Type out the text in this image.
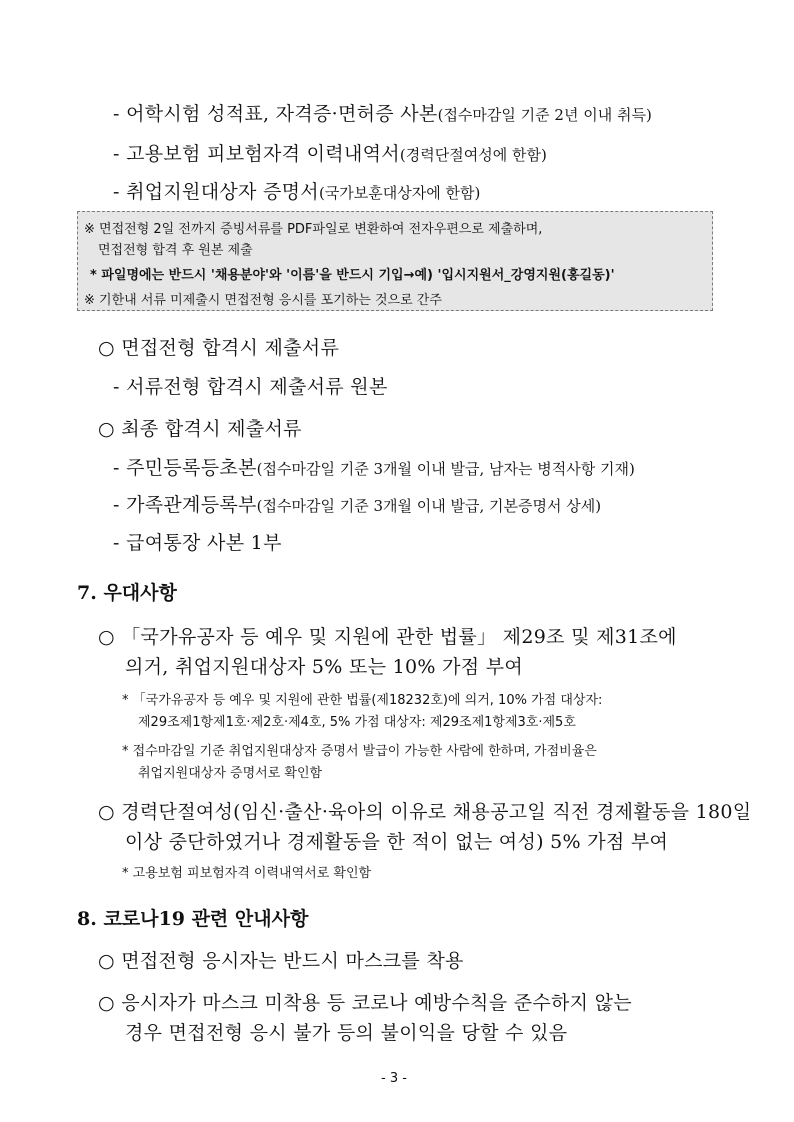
- 어학시험 성적표, 자격증·면허증 사본(접수마감일 기준 2년 이내 취득)
- 고용보험 피보험자격 이력내역서(경력단절여성에 한함)
- 취업지원대상자 증명서(국가보훈대상자에 한함)
※ 면접전형 2일 전까지 증빙서류를 PDF파일로 변환하여 전자우편으로 제출하며,
면접전형 합격 후 원본 제출
* 파일명에는 반드시 '채용분야'와 '이름'을 반드시 기입→예) '입시지원서_강영지원(홍길동)'
※ 기한내 서류 미제출시 면접전형 응시를 포기하는 것으로 간주
○ 면접전형 합격시 제출서류
- 서류전형 합격시 제출서류 원본
○ 최종 합격시 제출서류
- 주민등록등초본(접수마감일 기준 3개월 이내 발급, 남자는 병적사항 기재)
- 가족관계등록부(접수마감일 기준 3개월 이내 발급, 기본증명서 상세)
- 급여통장 사본 1부
7. 우대사항
○ 「국가유공자 등 예우 및 지원에 관한 법률」 제29조 및 제31조에
의거, 취업지원대상자 5% 또는 10% 가점 부여
* 「국가유공자 등 예우 및 지원에 관한 법률(제18232호)에 의거, 10% 가점 대상자:
제29조제1항제1호·제2호·제4호, 5% 가점 대상자: 제29조제1항제3호·제5호
* 접수마감일 기준 취업지원대상자 증명서 발급이 가능한 사람에 한하며, 가점비율은
취업지원대상자 증명서로 확인함
○ 경력단절여성(임신·출산·육아의 이유로 채용공고일 직전 경제활동을 180일
이상 중단하였거나 경제활동을 한 적이 없는 여성) 5% 가점 부여
* 고용보험 피보험자격 이력내역서로 확인함
8. 코로나19 관련 안내사항
○ 면접전형 응시자는 반드시 마스크를 착용
○ 응시자가 마스크 미착용 등 코로나 예방수칙을 준수하지 않는
경우 면접전형 응시 불가 등의 불이익을 당할 수 있음
- 3 -
